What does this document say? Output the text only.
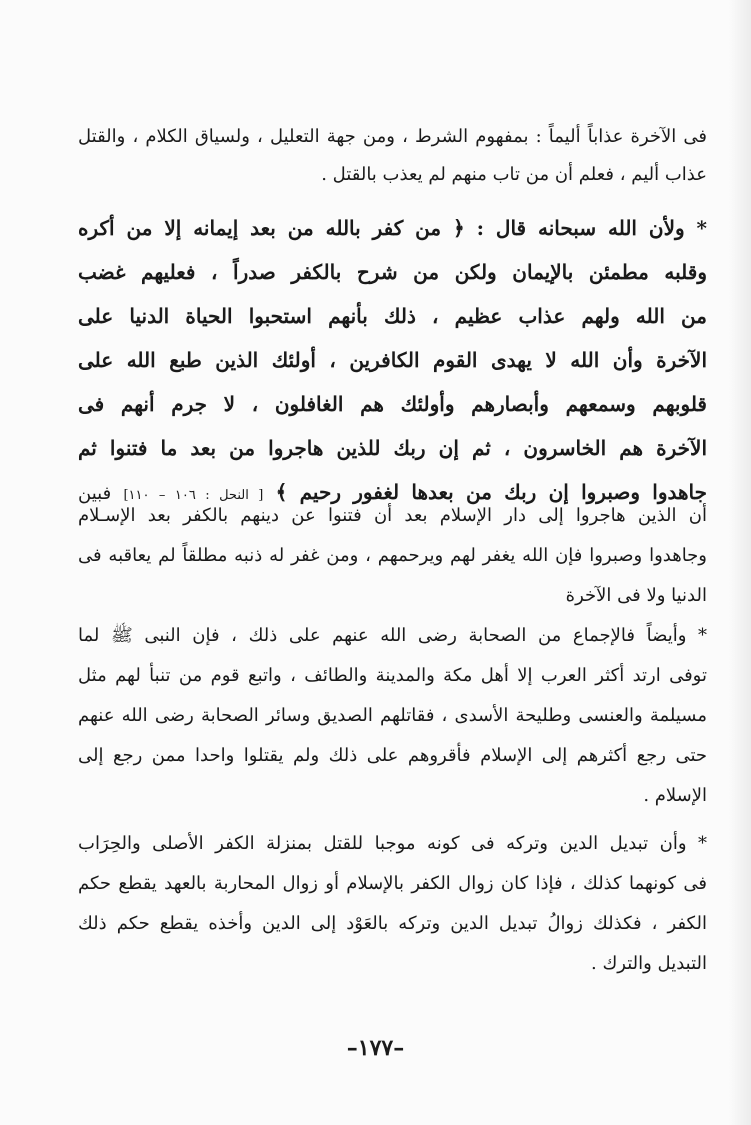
فى الآخرة عذاباً أليماً : بمفهوم الشرط ، ومن جهة التعليل ، ولسياق الكلام ، والقتل
عذاب أليم ، فعلم أن من تاب منهم لم يعذب بالقتل .
* ولأن الله سبحانه قال : ﴿ من كفر بالله من بعد إيمانه إلا من أكره
وقلبه مطمئن بالإيمان ولكن من شرح بالكفر صدراً ، فعليهم غضب
من الله ولهم عذاب عظيم ، ذلك بأنهم استحبوا الحياة الدنيا على
الآخرة وأن الله لا يهدى القوم الكافرين ، أولئك الذين طبع الله على
قلوبهم وسمعهم وأبصارهم وأولئك هم الغافلون ، لا جرم أنهم فى
الآخرة هم الخاسرون ، ثم إن ربك للذين هاجروا من بعد ما فتنوا ثم
جاهدوا وصبروا إن ربك من بعدها لغفور رحيم ﴾ [ النحل : ١٠٦ – ١١٠] فبين
أن الذين هاجروا إلى دار الإسلام بعد أن فتنوا عن دينهم بالكفر بعد الإسـلام
وجاهدوا وصبروا فإن الله يغفر لهم ويرحمهم ، ومن غفر له ذنبه مطلقاً لم يعاقبه فى
الدنيا ولا فى الآخرة
* وأيضاً فالإجماع من الصحابة رضى الله عنهم على ذلك ، فإن النبى ﷺ لما
توفى ارتد أكثر العرب إلا أهل مكة والمدينة والطائف ، واتبع قوم من تنبأ لهم مثل
مسيلمة والعنسى وطليحة الأسدى ، فقاتلهم الصديق وسائر الصحابة رضى الله عنهم
حتى رجع أكثرهم إلى الإسلام فأقروهم على ذلك ولم يقتلوا واحدا ممن رجع إلى
الإسلام .
* وأن تبديل الدين وتركه فى كونه موجبا للقتل بمنزلة الكفر الأصلى والحِرَاب
فى كونهما كذلك ، فإذا كان زوال الكفر بالإسلام أو زوال المحاربة بالعهد يقطع حكم
الكفر ، فكذلك زوالُ تبديل الدين وتركه بالعَوْد إلى الدين وأخذه يقطع حكم ذلك
التبديل والترك .
–١٧٧–
